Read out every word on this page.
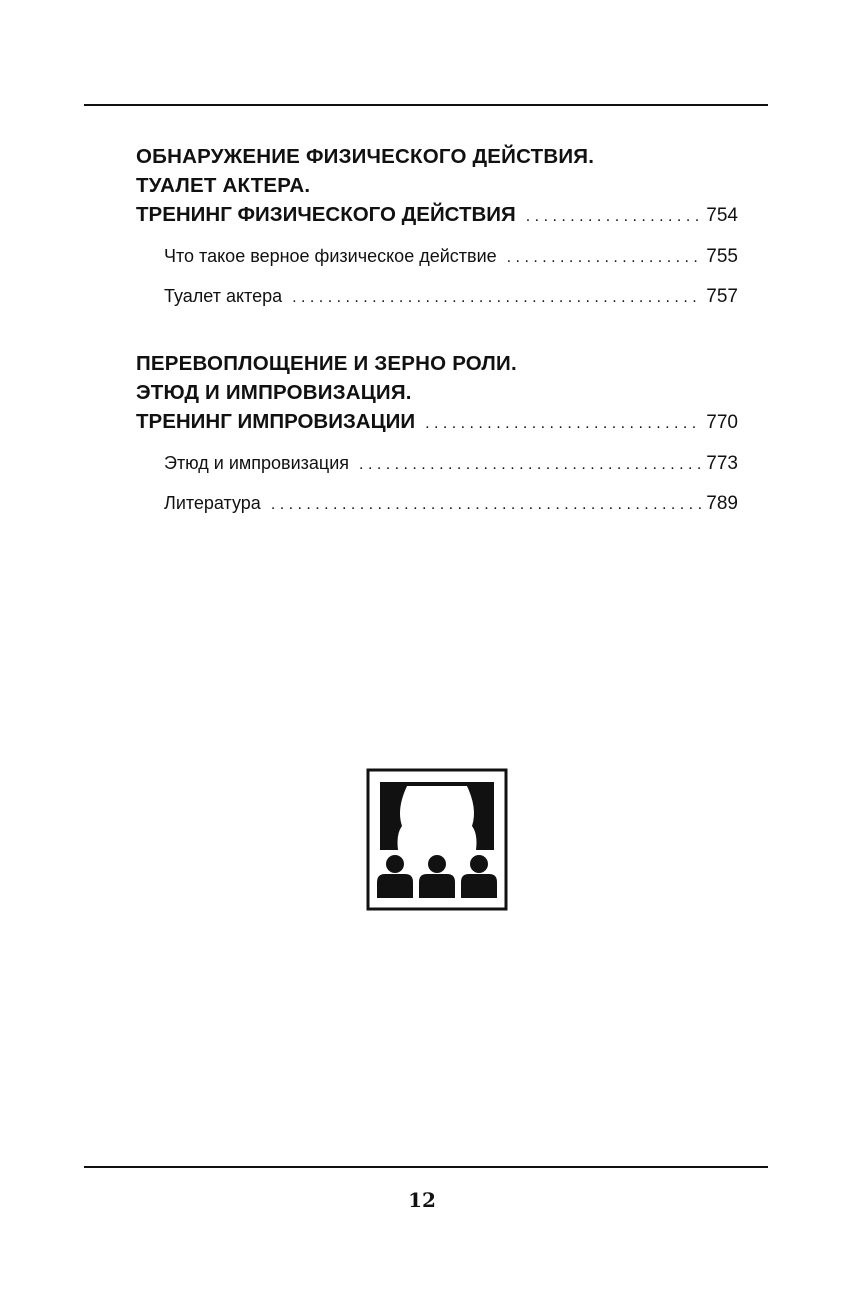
ОБНАРУЖЕНИЕ ФИЗИЧЕСКОГО ДЕЙСТВИЯ.
ТУАЛЕТ АКТЕРА.
ТРЕНИНГ ФИЗИЧЕСКОГО ДЕЙСТВИЯ . . .	754
Что такое верное физическое действие . . .	755
Туалет актера . . .	757
ПЕРЕВОПЛОЩЕНИЕ И ЗЕРНО РОЛИ.
ЭТЮД И ИМПРОВИЗАЦИЯ.
ТРЕНИНГ ИМПРОВИЗАЦИИ . . .	770
Этюд и импровизация . . .	773
Литература . . .	789
12
